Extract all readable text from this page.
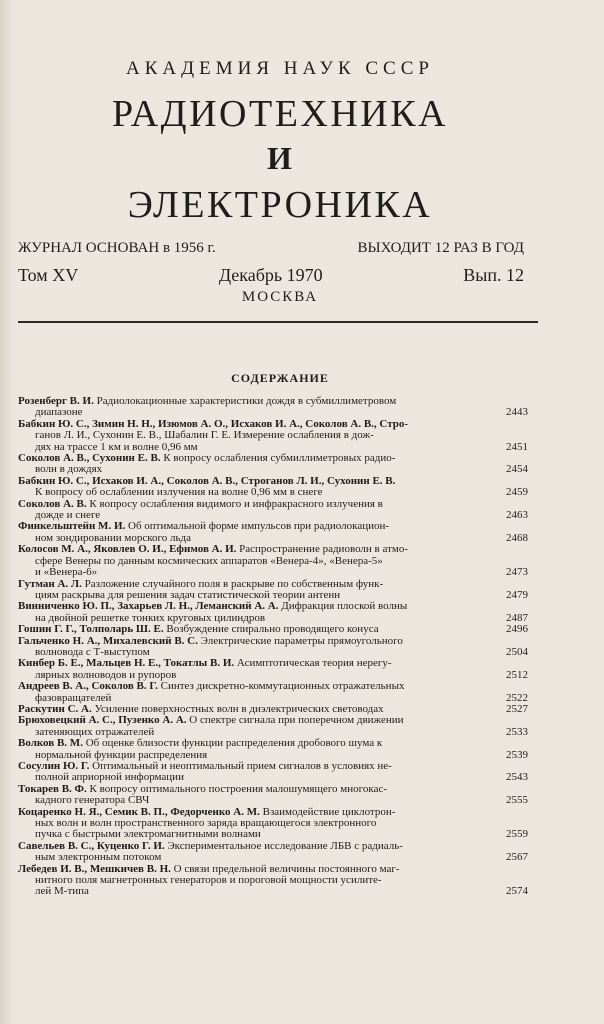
АКАДЕМИЯ НАУК СССР
РАДИОТЕХНИКА
И
ЭЛЕКТРОНИКА
ЖУРНАЛ ОСНОВАН в 1956 г.	ВЫХОДИТ 12 РАЗ В ГОД
Том XV	Декабрь 1970	Вып. 12
МОСКВА
СОДЕРЖАНИЕ
Розенберг В. И. Радиолокационные характеристики дождя в субмиллиметровом
диапазоне	2443
Бабкин Ю. С., Зимин Н. Н., Изюмов А. О., Исхаков И. А., Соколов А. В., Стро-
ганов Л. И., Сухонин Е. В., Шабалин Г. Е. Измерение ослабления в дож-
дях на трассе 1 км и волне 0,96 мм	2451
Соколов А. В., Сухонин Е. В. К вопросу ослабления субмиллиметровых радио-
волн в дождях	2454
Бабкин Ю. С., Исхаков И. А., Соколов А. В., Строганов Л. И., Сухонин Е. В.
К вопросу об ослаблении излучения на волне 0,96 мм в снеге	2459
Соколов А. В. К вопросу ослабления видимого и инфракрасного излучения в
дожде и снеге	2463
Финкельштейн М. И. Об оптимальной форме импульсов при радиолокацион-
ном зондировании морского льда	2468
Колосов М. А., Яковлев О. И., Ефимов А. И. Распространение радиоволн в атмо-
сфере Венеры по данным космических аппаратов «Венера-4», «Венера-5»
и «Венера-6»	2473
Гутман А. Л. Разложение случайного поля в раскрыве по собственным функ-
циям раскрыва для решения задач статистической теории антенн	2479
Винниченко Ю. П., Захарьев Л. Н., Леманский А. А. Дифракция плоской волны
на двойной решетке тонких круговых цилиндров	2487
Гошин Г. Г., Толполарь Ш. Е. Возбуждение спирально проводящего конуса	2496
Гальченко Н. А., Михалевский В. С. Электрические параметры прямоугольного
волновода с Т-выступом	2504
Кинбер Б. Е., Мальцев Н. Е., Токатлы В. И. Асимптотическая теория нерегу-
лярных волноводов и рупоров	2512
Андреев В. А., Соколов В. Г. Синтез дискретно-коммутационных отражательных
фазовращателей	2522
Раскутин С. А. Усиление поверхностных волн в диэлектрических световодах	2527
Брюховецкий А. С., Пузенко А. А. О спектре сигнала при поперечном движении
затеняющих отражателей	2533
Волков В. М. Об оценке близости функции распределения дробового шума к
нормальной функции распределения	2539
Сосулин Ю. Г. Оптимальный и неоптимальный прием сигналов в условиях не-
полной априорной информации	2543
Токарев В. Ф. К вопросу оптимального построения малошумящего многокас-
кадного генератора СВЧ	2555
Коцаренко Н. Я., Семик В. П., Федорченко А. М. Взаимодействие циклотрон-
ных волн и волн пространственного заряда вращающегося электронного
пучка с быстрыми электромагнитными волнами	2559
Савельев В. С., Куценко Г. И. Экспериментальное исследование ЛБВ с радиаль-
ным электронным потоком	2567
Лебедев И. В., Мешкичев В. Н. О связи предельной величины постоянного маг-
нитного поля магнетронных генераторов и пороговой мощности усилите-
лей М-типа	2574
